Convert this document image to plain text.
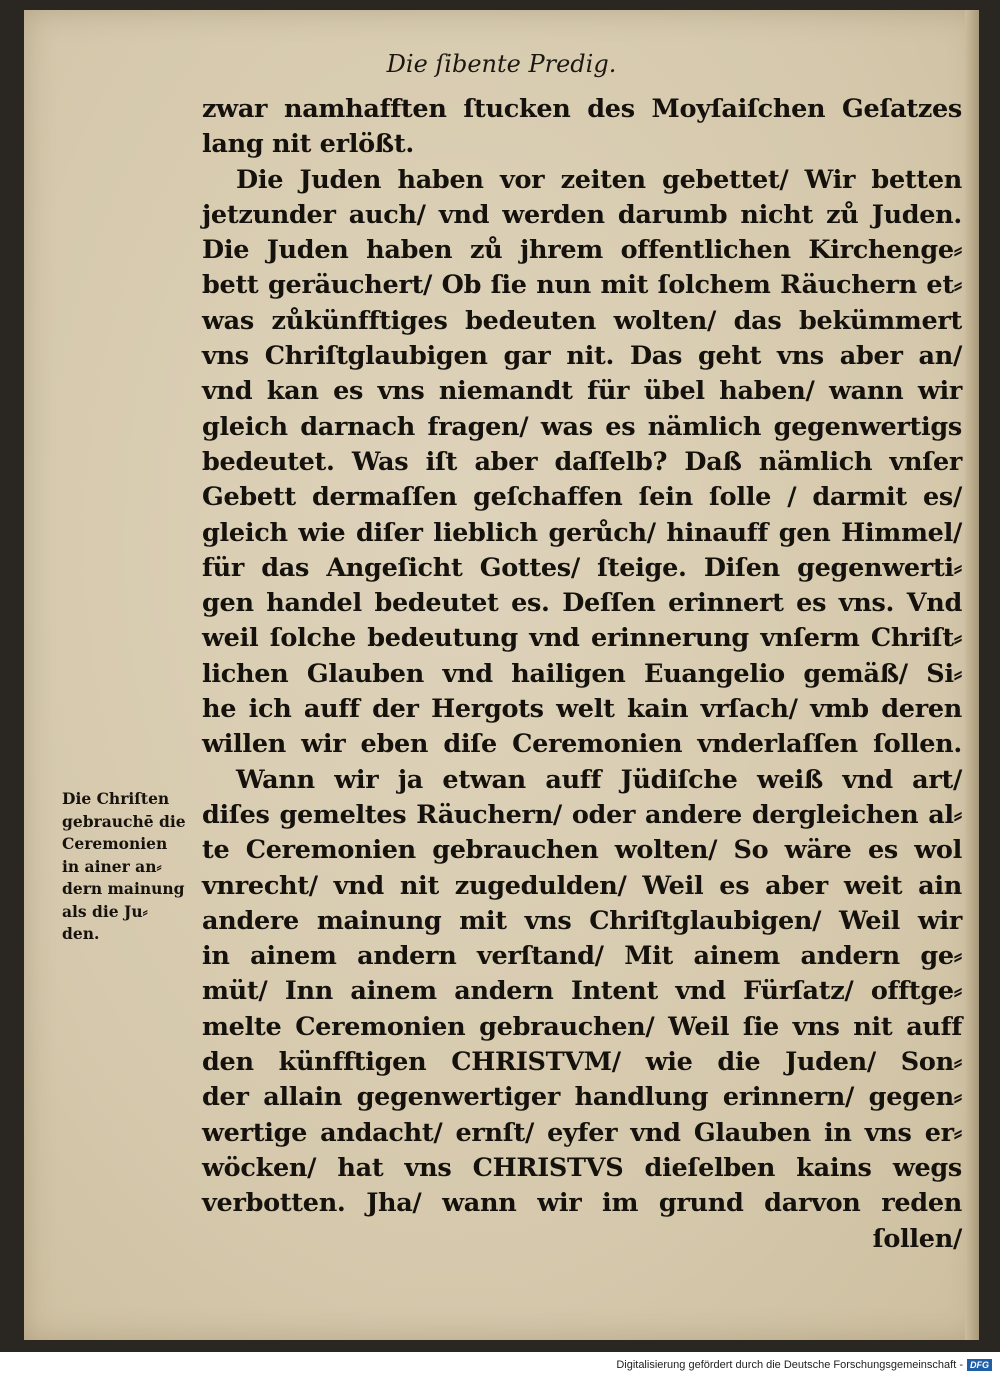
Die ſibente Predig.
zwar namhafften ſtucken des Moyſaiſchen Geſatzes
lang nit erlößt.
Die Juden haben vor zeiten gebettet/ Wir betten
jetzunder auch/ vnd werden darumb nicht zů Juden.
Die Juden haben zů jhrem offentlichen Kirchenge⸗
bett geräuchert/ Ob ſie nun mit ſolchem Räuchern et⸗
was zůkünfftiges bedeuten wolten/ das bekümmert
vns Chriſtglaubigen gar nit. Das geht vns aber an/
vnd kan es vns niemandt für übel haben/ wann wir
gleich darnach fragen/ was es nämlich gegenwertigs
bedeutet. Was iſt aber daſſelb? Daß nämlich vnſer
Gebett dermaſſen geſchaffen ſein ſolle / darmit es/
gleich wie diſer lieblich gerůch/ hinauff gen Himmel/
für das Angeſicht Gottes/ ſteige. Diſen gegenwerti⸗
gen handel bedeutet es. Deſſen erinnert es vns. Vnd
weil ſolche bedeutung vnd erinnerung vnſerm Chriſt⸗
lichen Glauben vnd hailigen Euangelio gemäß/ Si⸗
he ich auff der Hergots welt kain vrſach/ vmb deren
willen wir eben diſe Ceremonien vnderlaſſen ſollen.
Wann wir ja etwan auff Jüdiſche weiß vnd art/
diſes gemeltes Räuchern/ oder andere dergleichen al⸗
te Ceremonien gebrauchen wolten/ So wäre es wol
vnrecht/ vnd nit zugedulden/ Weil es aber weit ain
andere mainung mit vns Chriſtglaubigen/ Weil wir
in ainem andern verſtand/ Mit ainem andern ge⸗
müt/ Inn ainem andern Intent vnd Fürſatz/ offtge⸗
melte Ceremonien gebrauchen/ Weil ſie vns nit auff
den künfftigen CHRISTVM/ wie die Juden/ Son⸗
der allain gegenwertiger handlung erinnern/ gegen⸗
wertige andacht/ ernſt/ eyfer vnd Glauben in vns er⸗
wöcken/ hat vns CHRISTVS dieſelben kains wegs
verbotten. Jha/ wann wir im grund darvon reden
ſollen/
Die Chriſten
gebrauchē die
Ceremonien
in ainer an⸗
dern mainung
als die Ju⸗
den.
Digitalisierung gefördert durch die Deutsche Forschungsgemeinschaft - DFG
